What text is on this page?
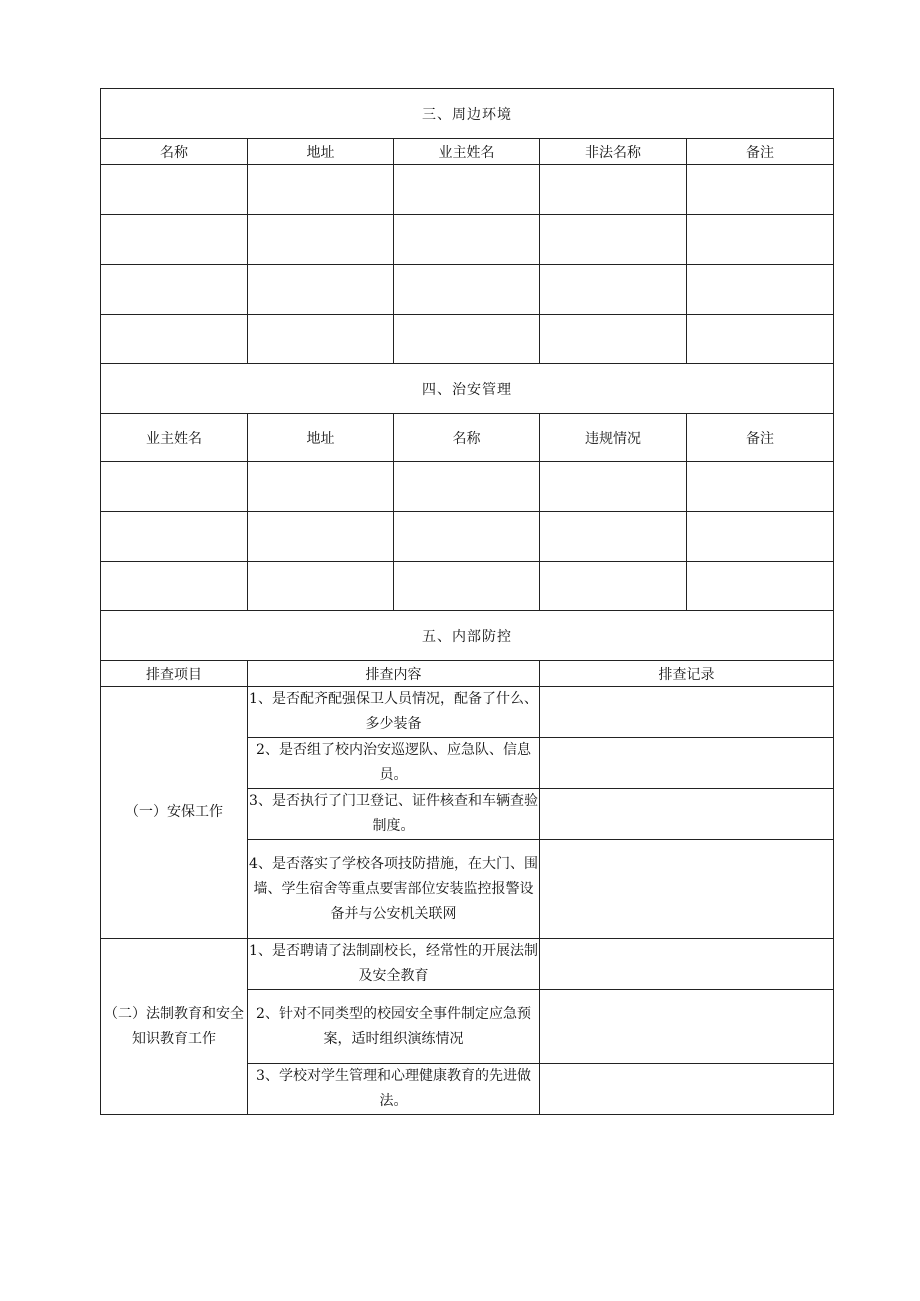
三、周边环境				
名称	地址	业主姓名	非法名称	备注

四、治安管理				
业主姓名	地址	名称	违规情况	备注

五、内部防控				
排查项目	排查内容		排查记录	
（一）安保工作	1、是否配齐配强保卫人员情况，配备了什么、多少装备			
	2、是否组了校内治安巡逻队、应急队、信息员。			
	3、是否执行了门卫登记、证件核查和车辆查验制度。			
	4、是否落实了学校各项技防措施，在大门、围墙、学生宿舍等重点要害部位安装监控报警设备并与公安机关联网			
（二）法制教育和安全知识教育工作	1、是否聘请了法制副校长，经常性的开展法制及安全教育			
	2、针对不同类型的校园安全事件制定应急预案，适时组织演练情况			
	3、学校对学生管理和心理健康教育的先进做法。			
